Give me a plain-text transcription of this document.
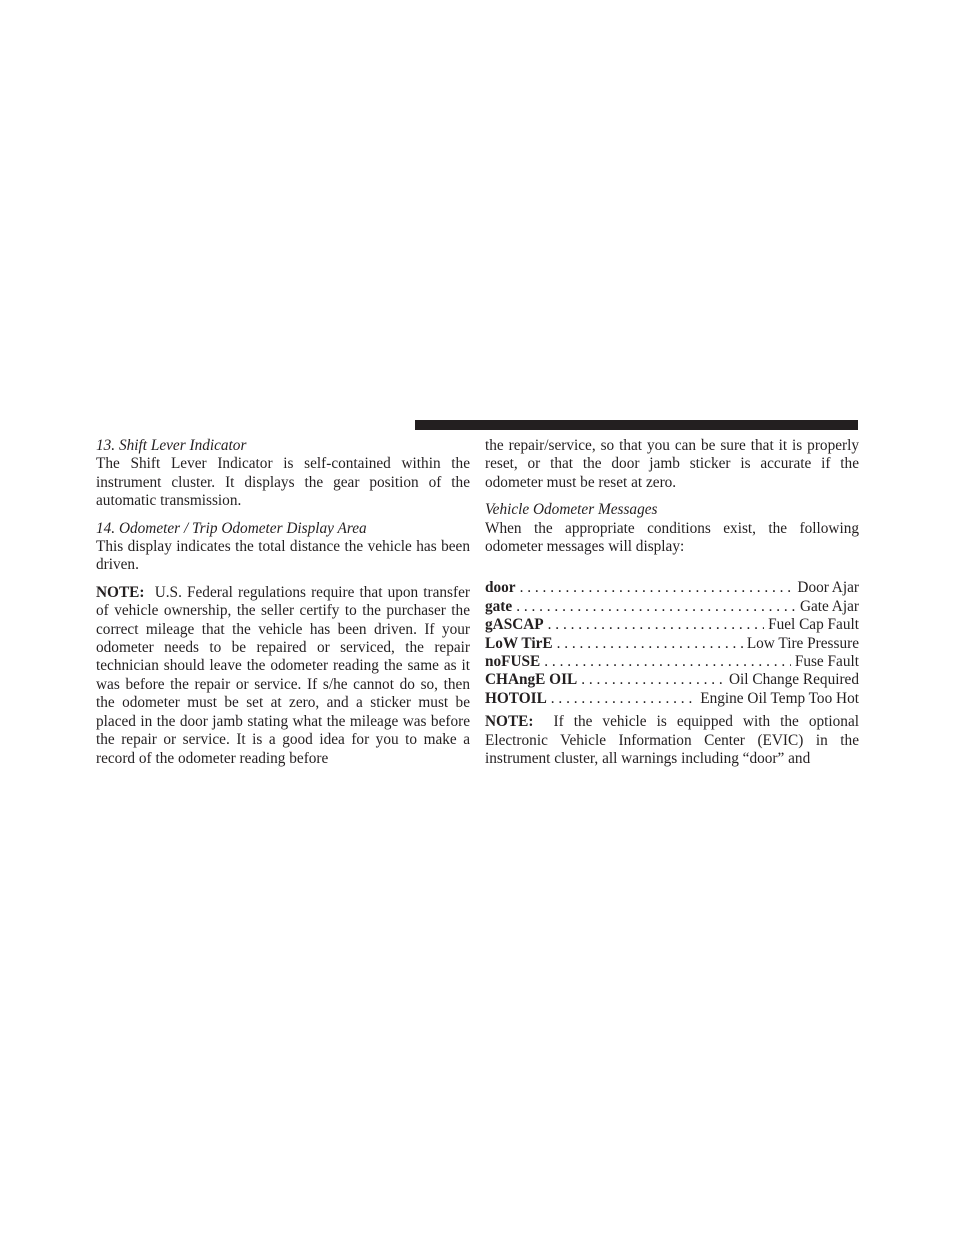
13. Shift Lever Indicator

The Shift Lever Indicator is self-contained within the instrument cluster. It displays the gear position of the automatic transmission.

14. Odometer / Trip Odometer Display Area

This display indicates the total distance the vehicle has been driven.

NOTE: U.S. Federal regulations require that upon transfer of vehicle ownership, the seller certify to the purchaser the correct mileage that the vehicle has been driven. If your odometer needs to be repaired or serviced, the repair technician should leave the odometer reading the same as it was before the repair or service. If s/he cannot do so, then the odometer must be set at zero, and a sticker must be placed in the door jamb stating what the mileage was before the repair or service. It is a good idea for you to make a record of the odometer reading before

the repair/service, so that you can be sure that it is properly reset, or that the door jamb sticker is accurate if the odometer must be reset at zero.

Vehicle Odometer Messages

When the appropriate conditions exist, the following odometer messages will display:

door . . .	Door Ajar
gate . . .	Gate Ajar
gASCAP . . .	Fuel Cap Fault
LoW TirE . . .	Low Tire Pressure
noFUSE . . .	Fuse Fault
CHAngE OIL . . .	Oil Change Required
HOTOIL . . .	Engine Oil Temp Too Hot

NOTE: If the vehicle is equipped with the optional Electronic Vehicle Information Center (EVIC) in the instrument cluster, all warnings including “door” and
